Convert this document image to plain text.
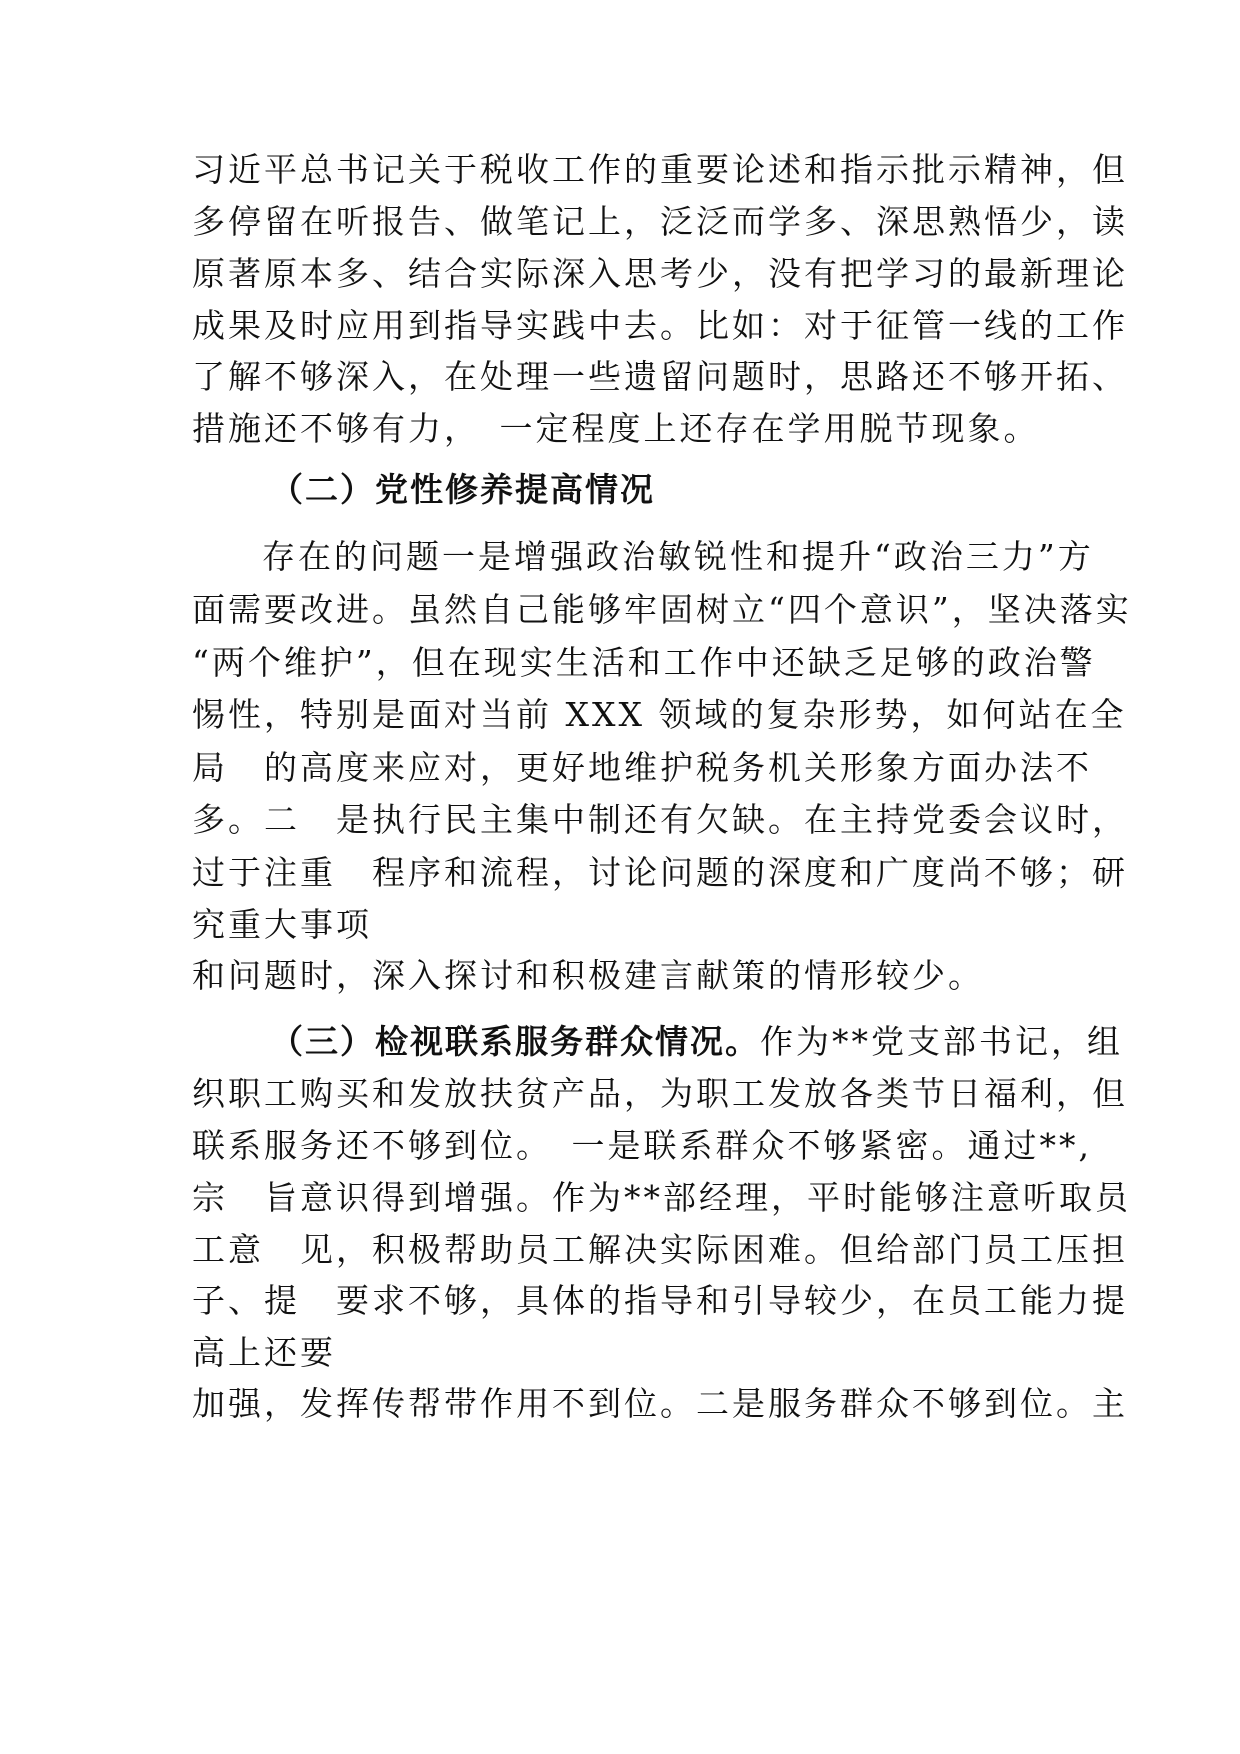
习近平总书记关于税收工作的重要论述和指示批示精神，但
多停留在听报告、做笔记上，泛泛而学多、深思熟悟少，读
原著原本多、结合实际深入思考少，没有把学习的最新理论
成果及时应用到指导实践中去。比如：对于征管一线的工作
了解不够深入，在处理一些遗留问题时，思路还不够开拓、
措施还不够有力，　一定程度上还存在学用脱节现象。
（二）党性修养提高情况
存在的问题一是增强政治敏锐性和提升“政治三力”方
面需要改进。虽然自己能够牢固树立“四个意识”，坚决落实
“两个维护”，但在现实生活和工作中还缺乏足够的政治警
惕性，特别是面对当前 XXX 领域的复杂形势，如何站在全
局　的高度来应对，更好地维护税务机关形象方面办法不
多。二　是执行民主集中制还有欠缺。在主持党委会议时，
过于注重　程序和流程，讨论问题的深度和广度尚不够；研
究重大事项
和问题时，深入探讨和积极建言献策的情形较少。
（三）检视联系服务群众情况。作为**党支部书记，组
织职工购买和发放扶贫产品，为职工发放各类节日福利，但
联系服务还不够到位。　一是联系群众不够紧密。通过**,
宗　旨意识得到增强。作为**部经理，平时能够注意听取员
工意　见，积极帮助员工解决实际困难。但给部门员工压担
子、提　要求不够，具体的指导和引导较少，在员工能力提
高上还要
加强，发挥传帮带作用不到位。二是服务群众不够到位。主
